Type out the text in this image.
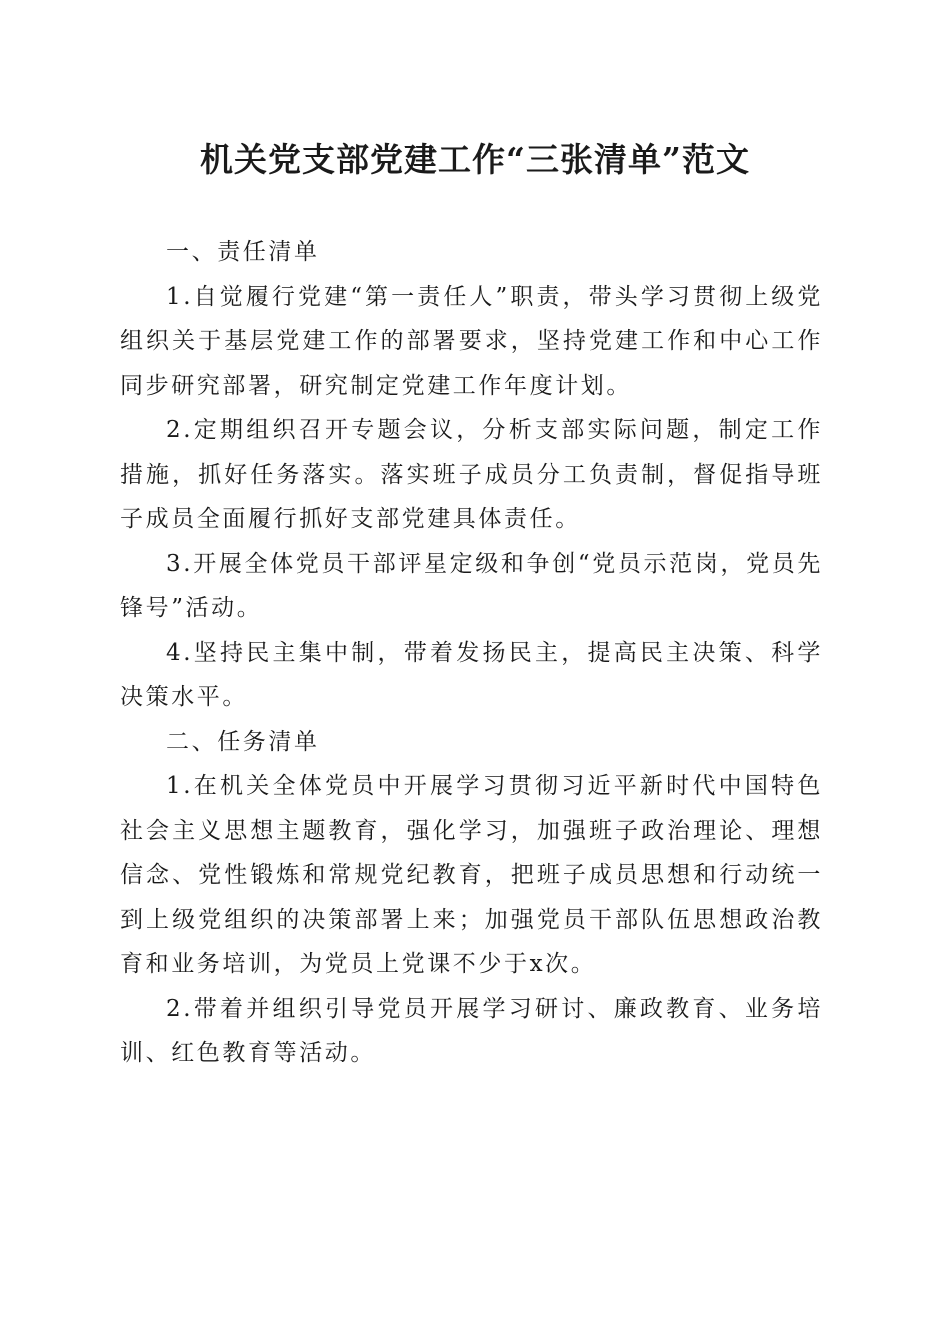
机关党支部党建工作“三张清单”范文
一、责任清单

1.自觉履行党建“第一责任人”职责，带头学习贯彻上级党组织关于基层党建工作的部署要求，坚持党建工作和中心工作同步研究部署，研究制定党建工作年度计划。

2.定期组织召开专题会议，分析支部实际问题，制定工作措施，抓好任务落实。落实班子成员分工负责制，督促指导班子成员全面履行抓好支部党建具体责任。

3.开展全体党员干部评星定级和争创“党员示范岗，党员先锋号”活动。

4.坚持民主集中制，带着发扬民主，提高民主决策、科学决策水平。

二、任务清单

1.在机关全体党员中开展学习贯彻习近平新时代中国特色社会主义思想主题教育，强化学习，加强班子政治理论、理想信念、党性锻炼和常规党纪教育，把班子成员思想和行动统一到上级党组织的决策部署上来；加强党员干部队伍思想政治教育和业务培训，为党员上党课不少于x次。

2.带着并组织引导党员开展学习研讨、廉政教育、业务培训、红色教育等活动。
